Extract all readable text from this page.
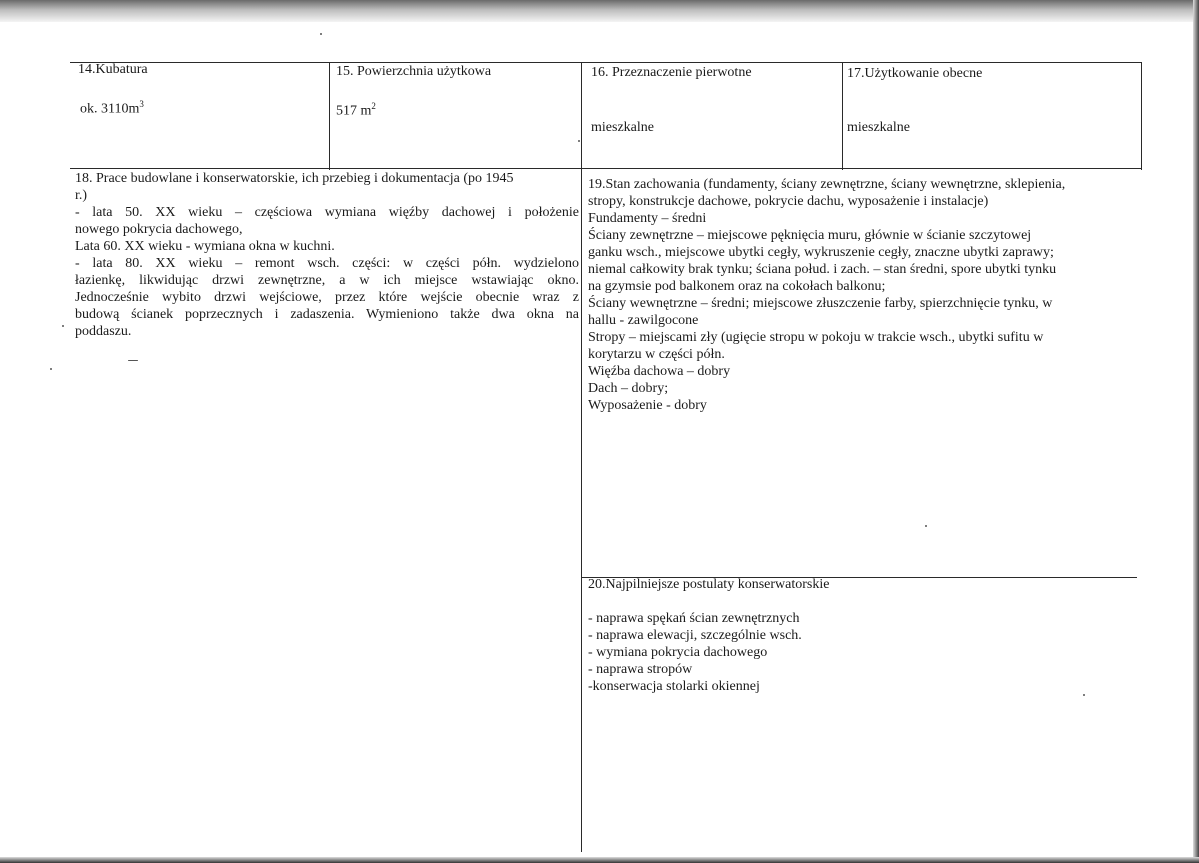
14.Kubatura
ok. $3110m^3$
15. Powierzchnia użytkowa
517 $m^2$
16. Przeznaczenie pierwotne
mieszkalne
17.Użytkowanie obecne
mieszkalne
18. Prace budowlane i konserwatorskie, ich przebieg i dokumentacja (po 1945
r.)
- lata 50. XX wieku – częściowa wymiana więźby dachowej i położenie
nowego pokrycia dachowego,
Lata 60. XX wieku - wymiana okna w kuchni.
- lata 80. XX wieku – remont wsch. części: w części półn. wydzielono
łazienkę, likwidując drzwi zewnętrzne, a w ich miejsce wstawiając okno.
Jednocześnie wybito drzwi wejściowe, przez które wejście obecnie wraz z
budową ścianek poprzecznych i zadaszenia. Wymieniono także dwa okna na
poddaszu.
19.Stan zachowania (fundamenty, ściany zewnętrzne, ściany wewnętrzne, sklepienia,
stropy, konstrukcje dachowe, pokrycie dachu, wyposażenie i instalacje)
Fundamenty – średni
Ściany zewnętrzne – miejscowe pęknięcia muru, głównie w ścianie szczytowej
ganku wsch., miejscowe ubytki cegły, wykruszenie cegły, znaczne ubytki zaprawy;
niemal całkowity brak tynku; ściana połud. i zach. – stan średni, spore ubytki tynku
na gzymsie pod balkonem oraz na cokołach balkonu;
Ściany wewnętrzne – średni; miejscowe złuszczenie farby, spierzchnięcie tynku, w
hallu - zawilgocone
Stropy – miejscami zły (ugięcie stropu w pokoju w trakcie wsch., ubytki sufitu w
korytarzu w części półn.
Więźba dachowa – dobry
Dach – dobry;
Wyposażenie - dobry
20.Najpilniejsze postulaty konserwatorskie
- naprawa spękań ścian zewnętrznych
- naprawa elewacji, szczególnie wsch.
- wymiana pokrycia dachowego
- naprawa stropów
-konserwacja stolarki okiennej
